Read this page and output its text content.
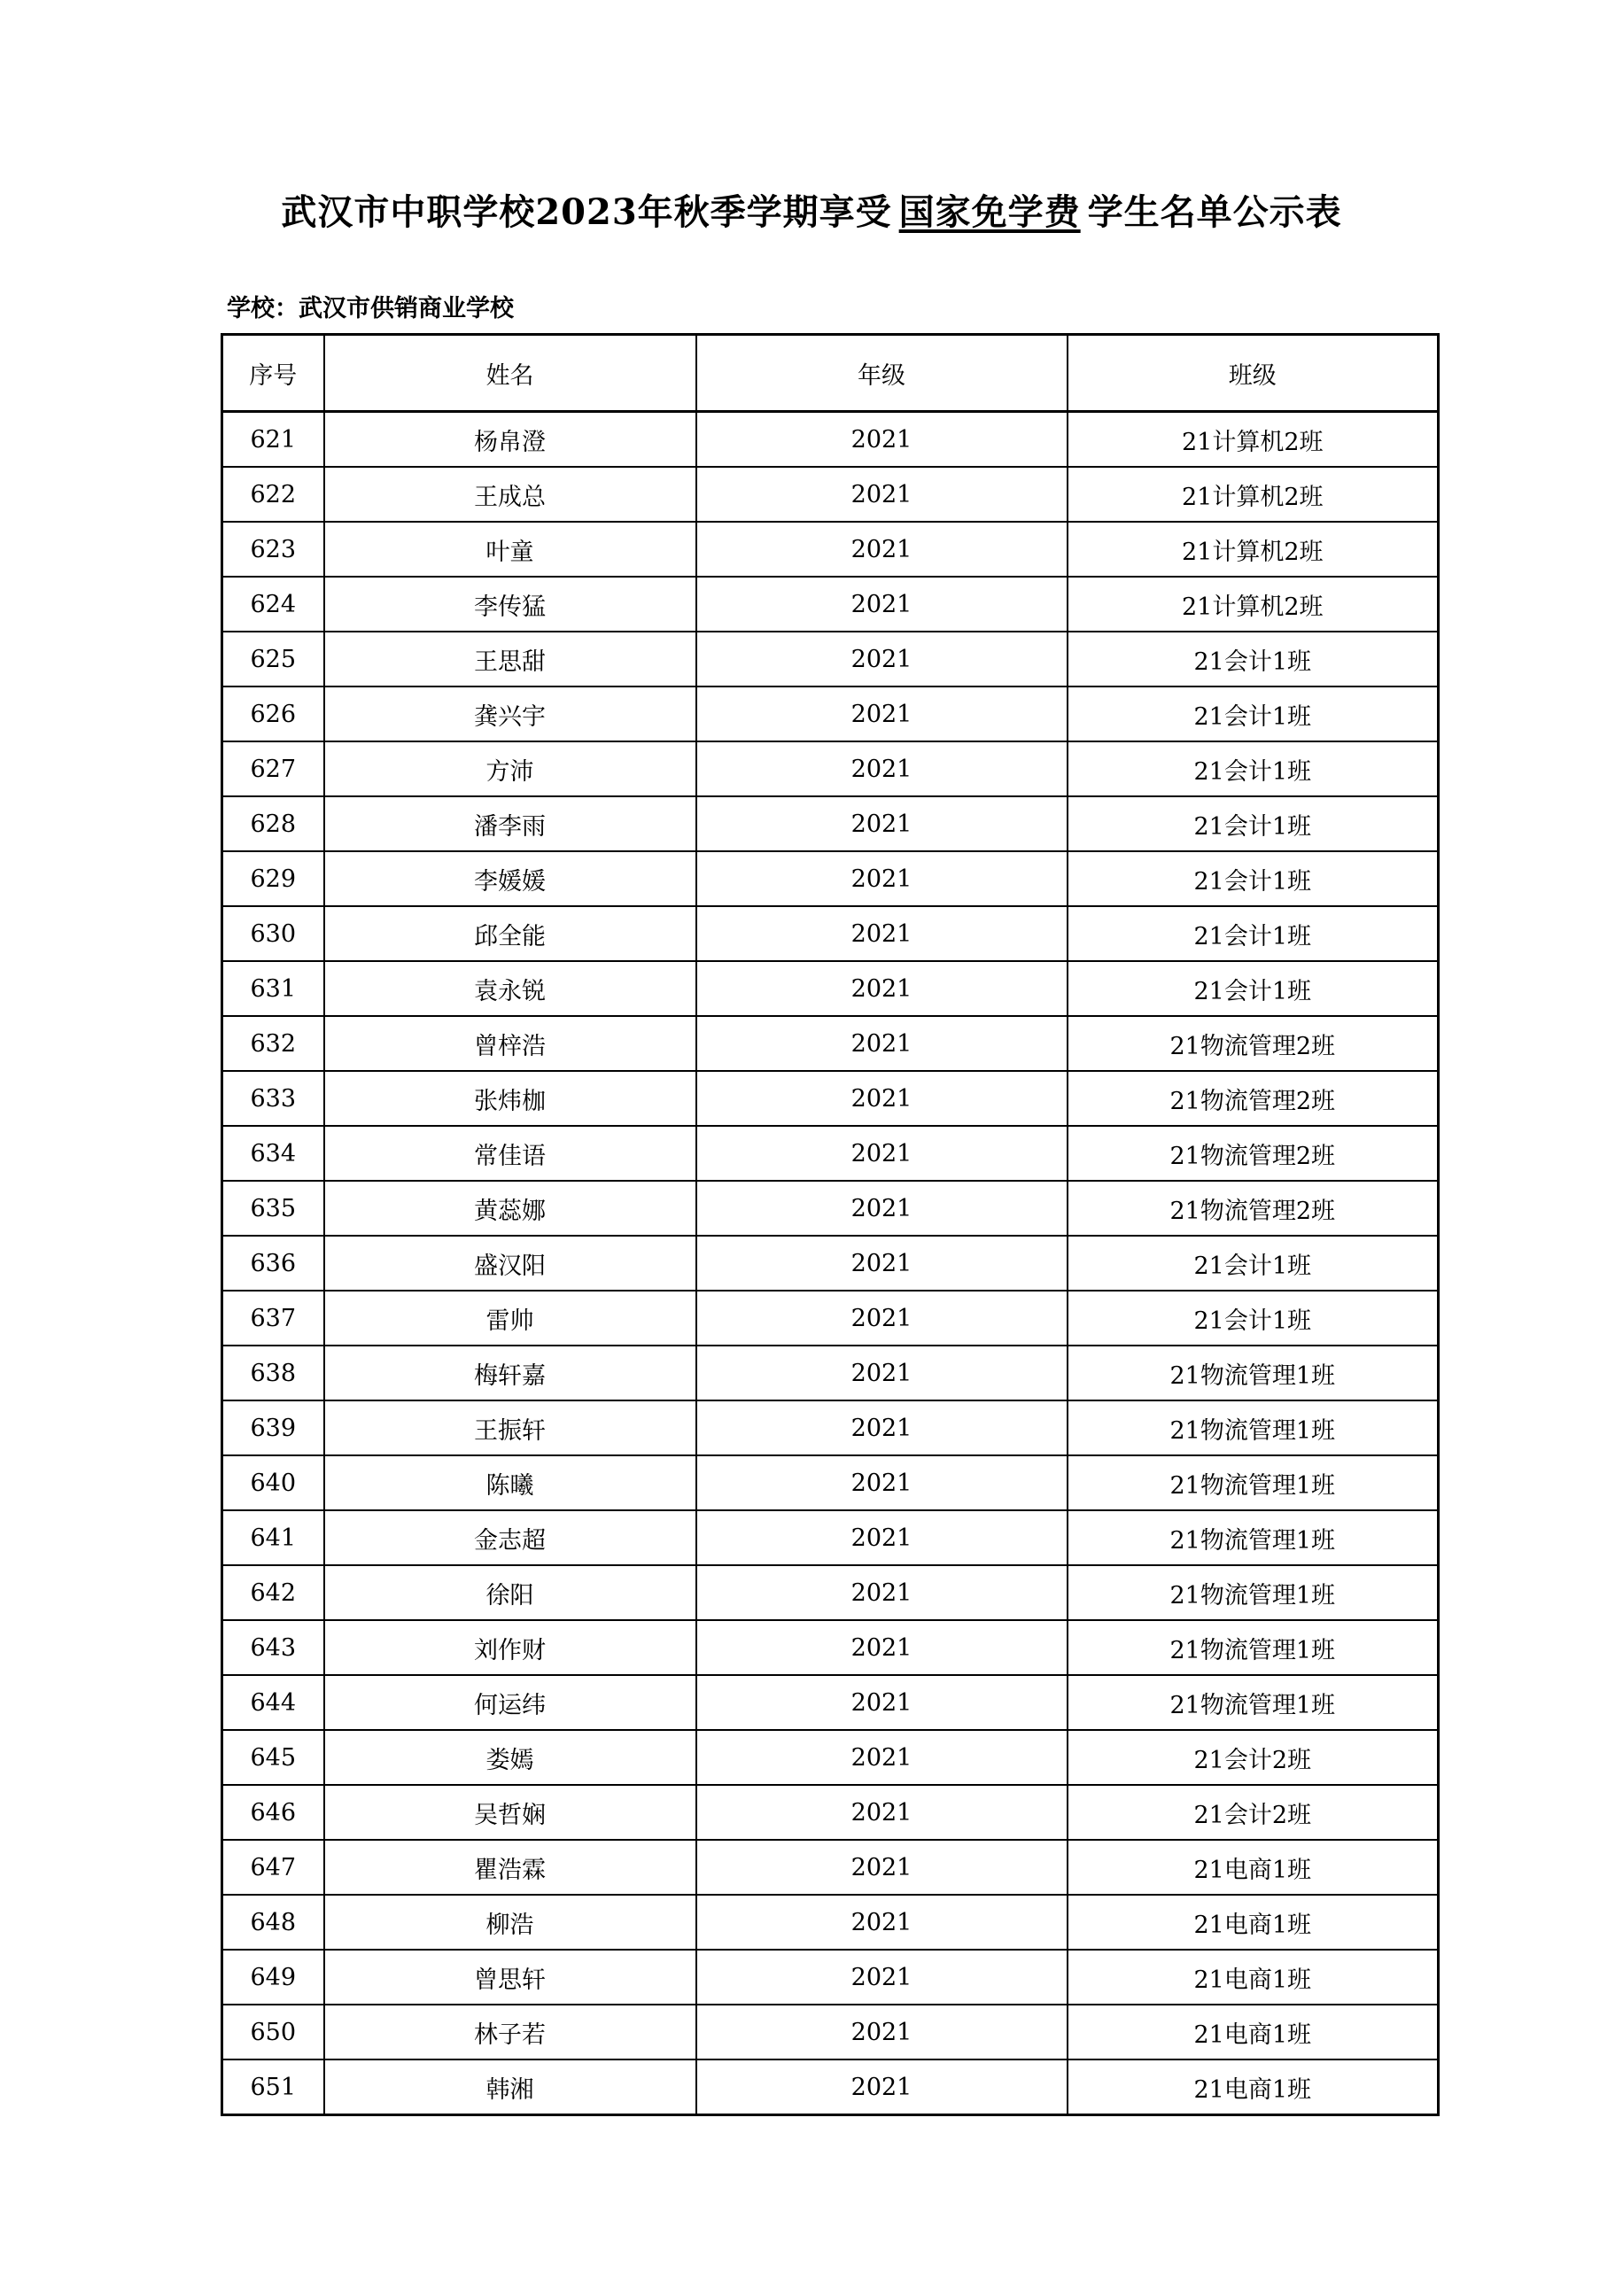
武汉市中职学校2023年秋季学期享受 国家免学费 学生名单公示表
学校：武汉市供销商业学校
序号	姓名	年级	班级
621	杨帛澄	2021	21计算机2班
622	王成总	2021	21计算机2班
623	叶童	2021	21计算机2班
624	李传猛	2021	21计算机2班
625	王思甜	2021	21会计1班
626	龚兴宇	2021	21会计1班
627	方沛	2021	21会计1班
628	潘李雨	2021	21会计1班
629	李媛媛	2021	21会计1班
630	邱全能	2021	21会计1班
631	袁永锐	2021	21会计1班
632	曾梓浩	2021	21物流管理2班
633	张炜枷	2021	21物流管理2班
634	常佳语	2021	21物流管理2班
635	黄蕊娜	2021	21物流管理2班
636	盛汉阳	2021	21会计1班
637	雷帅	2021	21会计1班
638	梅轩嘉	2021	21物流管理1班
639	王振轩	2021	21物流管理1班
640	陈曦	2021	21物流管理1班
641	金志超	2021	21物流管理1班
642	徐阳	2021	21物流管理1班
643	刘作财	2021	21物流管理1班
644	何运纬	2021	21物流管理1班
645	娄嫣	2021	21会计2班
646	吴哲娴	2021	21会计2班
647	瞿浩霖	2021	21电商1班
648	柳浩	2021	21电商1班
649	曾思轩	2021	21电商1班
650	林子若	2021	21电商1班
651	韩湘	2021	21电商1班
